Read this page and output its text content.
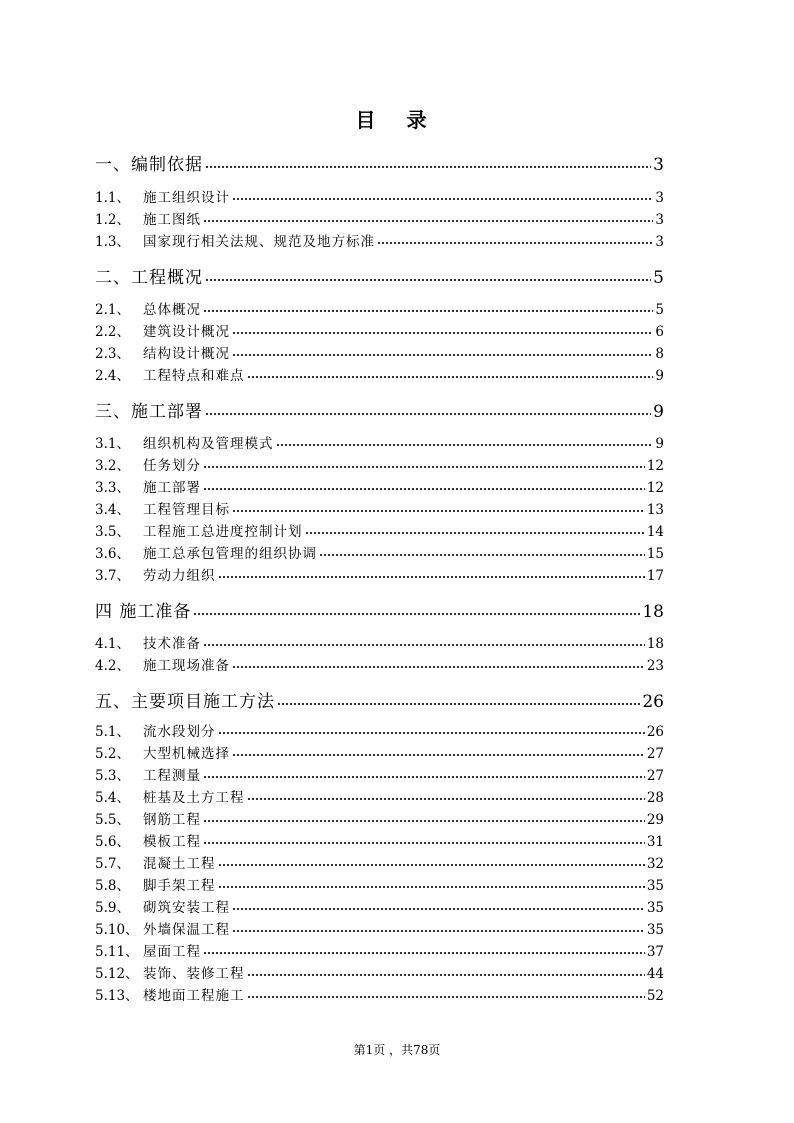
目 录
一、编制依据	3
1.1、 施工组织设计	3
1.2、 施工图纸	3
1.3、 国家现行相关法规、规范及地方标准	3
二、工程概况	5
2.1、 总体概况	5
2.2、 建筑设计概况	6
2.3、 结构设计概况	8
2.4、 工程特点和难点	9
三、施工部署	9
3.1、 组织机构及管理模式	9
3.2、 任务划分	12
3.3、 施工部署	12
3.4、 工程管理目标	13
3.5、 工程施工总进度控制计划	14
3.6、 施工总承包管理的组织协调	15
3.7、 劳动力组织	17
四 施工准备	18
4.1、 技术准备	18
4.2、 施工现场准备	23
五、主要项目施工方法	26
5.1、 流水段划分	26
5.2、 大型机械选择	27
5.3、 工程测量	27
5.4、 桩基及土方工程	28
5.5、 钢筋工程	29
5.6、 模板工程	31
5.7、 混凝土工程	32
5.8、 脚手架工程	35
5.9、 砌筑安装工程	35
5.10、 外墙保温工程	35
5.11、 屋面工程	37
5.12、 装饰、装修工程	44
5.13、 楼地面工程施工	52
第1页 ，共78页
